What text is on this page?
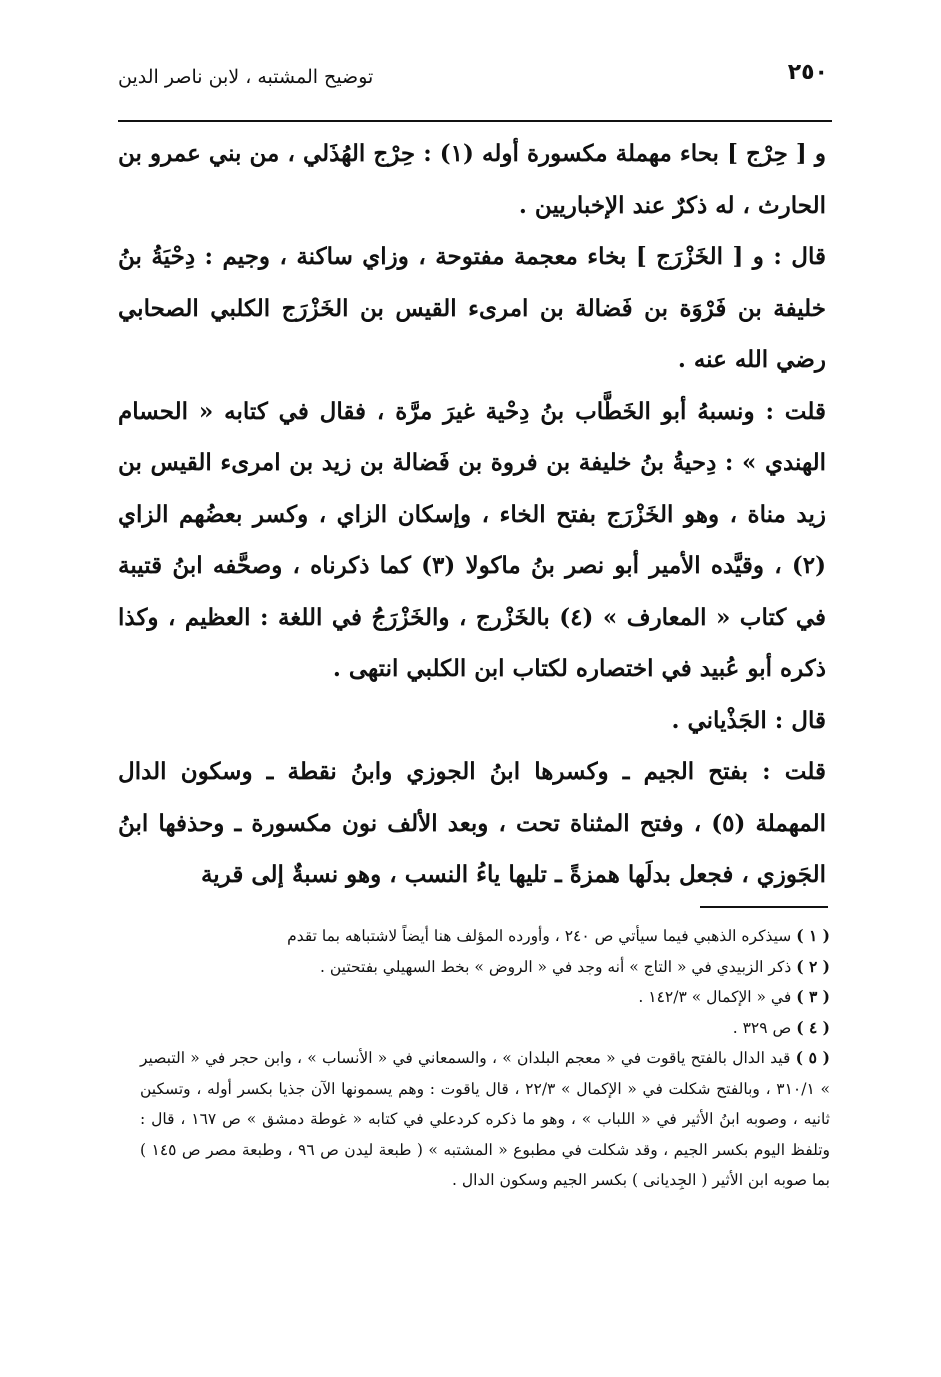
٢٥٠
توضيح المشتبه ، لابن ناصر الدين

و [ حِرْج ] بحاء مهملة مكسورة أوله (١) : حِرْج الهُذَلي ، من بني عمرو بن الحارث ، له ذكرٌ عند الإخباريين .

قال : و [ الخَزْرَج ] بخاء معجمة مفتوحة ، وزاي ساكنة ، وجيم : دِحْيَةُ بنُ خليفة بن فَرْوَة بن فَضالة بن امرىء القيس بن الخَزْرَج الكلبي الصحابي رضي الله عنه .

قلت : ونسبهُ أبو الخَطَّاب بنُ دِحْية غيرَ مرَّة ، فقال في كتابه « الحسام الهندي » : دِحيةُ بنُ خليفة بن فروة بن فَضالة بن زيد بن امرىء القيس بن زيد مناة ، وهو الخَزْرَج بفتح الخاء ، وإسكان الزاي ، وكسر بعضُهم الزاي (٢) ، وقيَّده الأمير أبو نصر بنُ ماكولا (٣) كما ذكرناه ، وصحَّفه ابنُ قتيبة في كتاب « المعارف » (٤) بالخَزْرج ، والخَزْرَجُ في اللغة : العظيم ، وكذا ذكره أبو عُبيد في اختصاره لكتاب ابن الكلبي انتهى .

قال : الجَذْياني .

قلت : بفتح الجيم ـ وكسرها ابنُ الجوزي وابنُ نقطة ـ وسكون الدال المهملة (٥) ، وفتح المثناة تحت ، وبعد الألف نون مكسورة ـ وحذفها ابنُ الجَوزي ، فجعل بدلَها همزةً ـ تليها ياءُ النسب ، وهو نسبةٌ إلى قرية

( ١ ) سيذكره الذهبي فيما سيأتي ص ٢٤٠ ، وأورده المؤلف هنا أيضاً لاشتباهه بما تقدم

( ٢ ) ذكر الزبيدي في « التاج » أنه وجد في « الروض » بخط السهيلي بفتحتين .

( ٣ ) في « الإكمال » ١٤٢/٣ .

( ٤ ) ص ٣٢٩ .

( ٥ ) قيد الدال بالفتح ياقوت في « معجم البلدان » ، والسمعاني في « الأنساب » ، وابن حجر في « التبصير » ٣١٠/١ ، وبالفتح شكلت في « الإكمال » ٢٢/٣ ، قال ياقوت : وهم يسمونها الآن جذيا بكسر أوله ، وتسكين ثانيه ، وصوبه ابنُ الأثير في « اللباب » ، وهو ما ذكره كردعلي في كتابه « غوطة دمشق » ص ١٦٧ ، قال : وتلفظ اليوم بكسر الجيم ، وقد شكلت في مطبوع « المشتبه » ( طبعة ليدن ص ٩٦ ، وطبعة مصر ص ١٤٥ ) بما صوبه ابن الأثير ( الجِديانى ) بكسر الجيم وسكون الدال .
